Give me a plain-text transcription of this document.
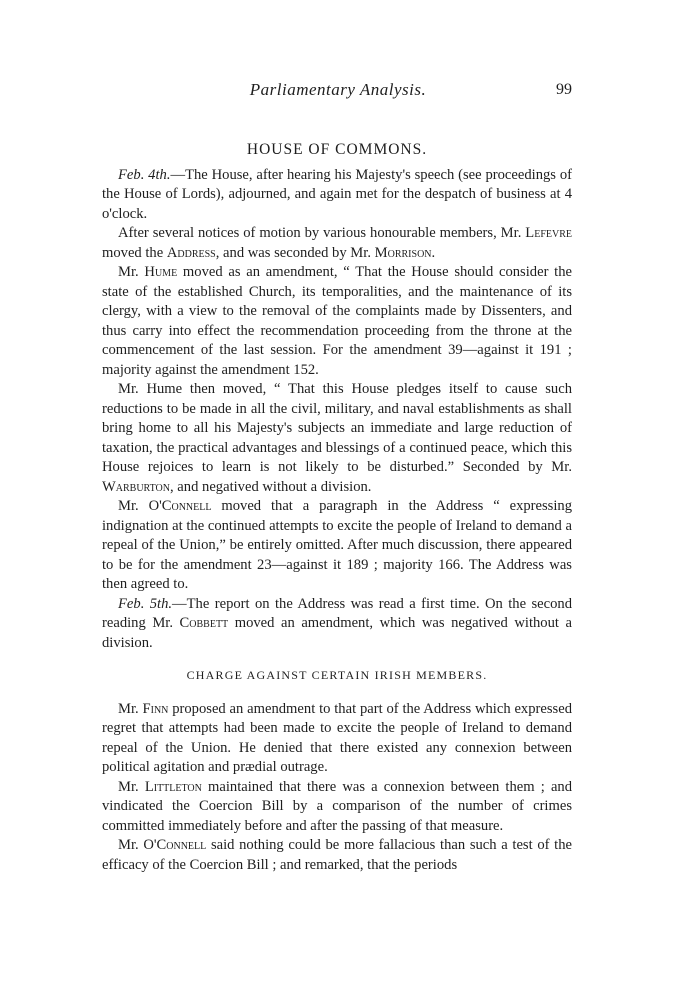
Parliamentary Analysis.	99
HOUSE OF COMMONS.

Feb. 4th.—The House, after hearing his Majesty's speech (see proceedings of the House of Lords), adjourned, and again met for the despatch of business at 4 o'clock.

After several notices of motion by various honourable members, Mr. Lefevre moved the Address, and was seconded by Mr. Morrison.

Mr. Hume moved as an amendment, “ That the House should consider the state of the established Church, its temporalities, and the maintenance of its clergy, with a view to the removal of the complaints made by Dissenters, and thus carry into effect the recommendation proceeding from the throne at the commencement of the last session. For the amendment 39—against it 191 ; majority against the amendment 152.

Mr. Hume then moved, “ That this House pledges itself to cause such reductions to be made in all the civil, military, and naval establishments as shall bring home to all his Majesty's subjects an immediate and large reduction of taxation, the practical advantages and blessings of a continued peace, which this House rejoices to learn is not likely to be disturbed.” Seconded by Mr. Warburton, and negatived without a division.

Mr. O'Connell moved that a paragraph in the Address “ expressing indignation at the continued attempts to excite the people of Ireland to demand a repeal of the Union,” be entirely omitted. After much discussion, there appeared to be for the amendment 23—against it 189 ; majority 166. The Address was then agreed to.

Feb. 5th.—The report on the Address was read a first time. On the second reading Mr. Cobbett moved an amendment, which was negatived without a division.

CHARGE AGAINST CERTAIN IRISH MEMBERS.

Mr. Finn proposed an amendment to that part of the Address which expressed regret that attempts had been made to excite the people of Ireland to demand repeal of the Union. He denied that there existed any connexion between political agitation and prædial outrage.

Mr. Littleton maintained that there was a connexion between them ; and vindicated the Coercion Bill by a comparison of the number of crimes committed immediately before and after the passing of that measure.

Mr. O'Connell said nothing could be more fallacious than such a test of the efficacy of the Coercion Bill ; and remarked, that the periods
